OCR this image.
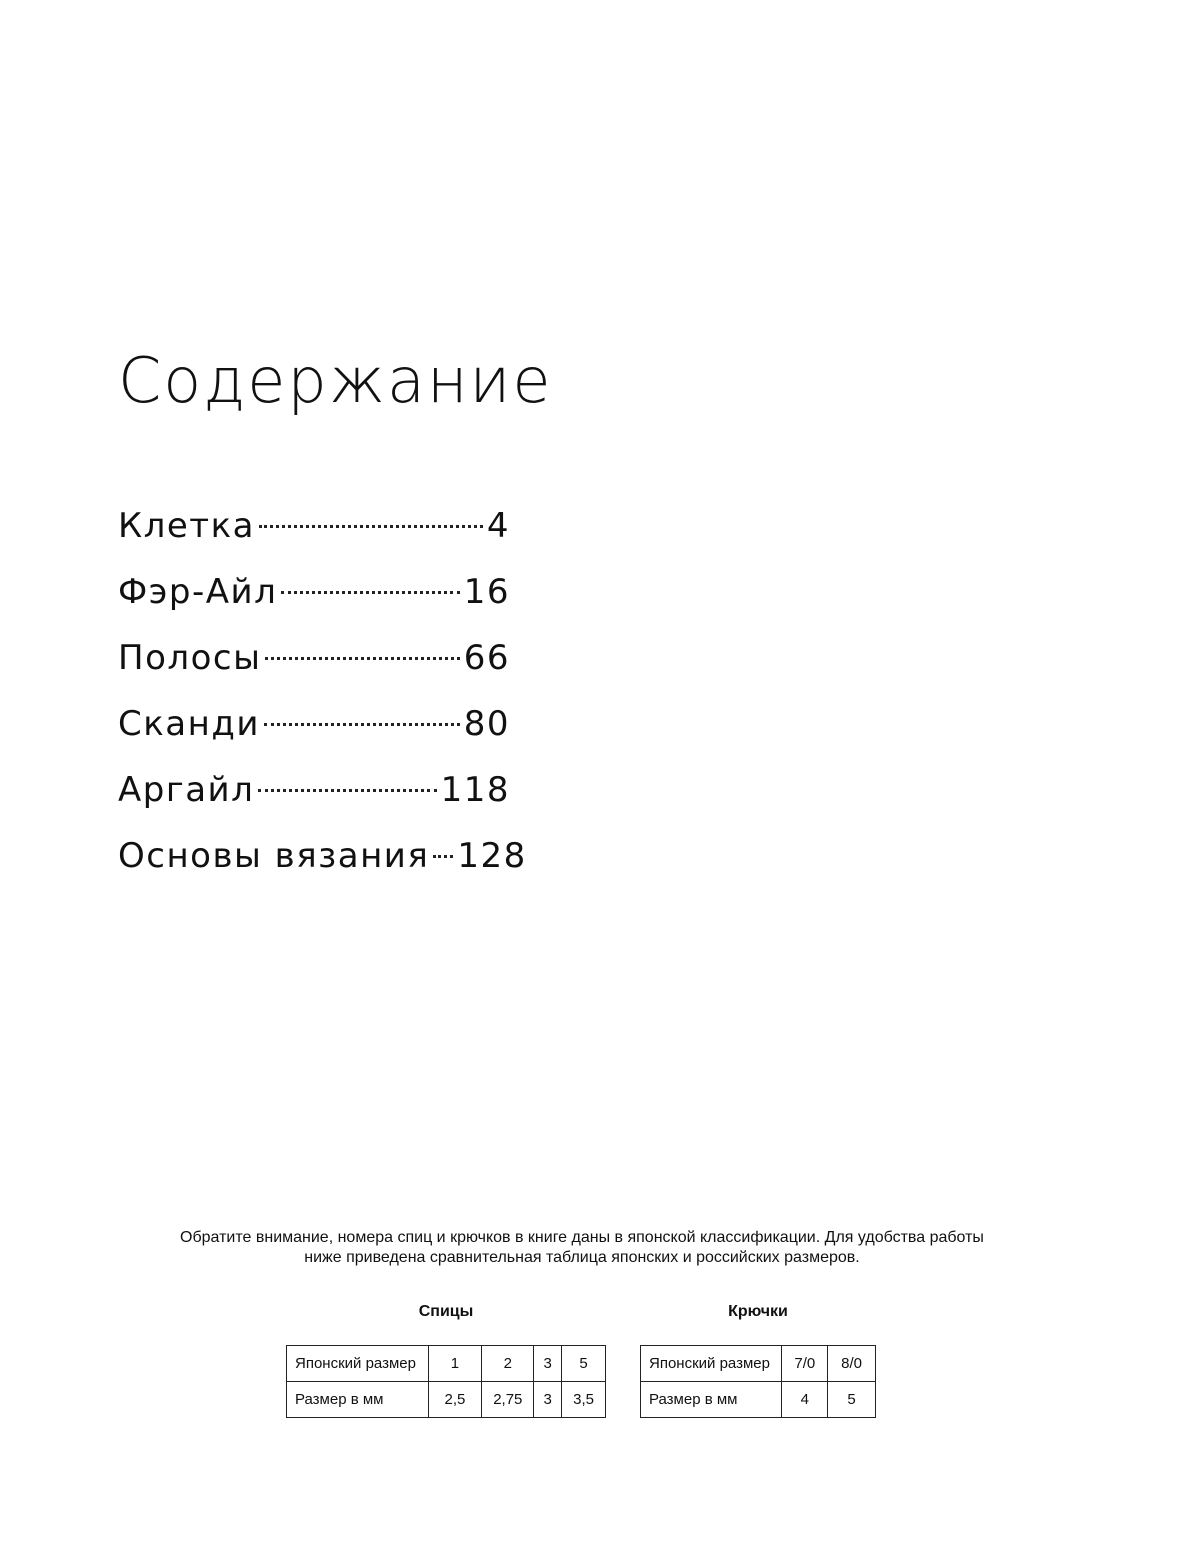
Содержание
Клетка	4
Фэр-Айл	16
Полосы	66
Сканди	80
Аргайл	118
Основы вязания 128

Обратите внимание, номера спиц и крючков в книге даны в японской классификации. Для удобства работы
ниже приведена сравнительная таблица японских и российских размеров.

Спицы	Крючки
Японский размер	1	2	3	5
Размер в мм	2,5	2,75	3	3,5
Японский размер	7/0	8/0
Размер в мм	4	5
